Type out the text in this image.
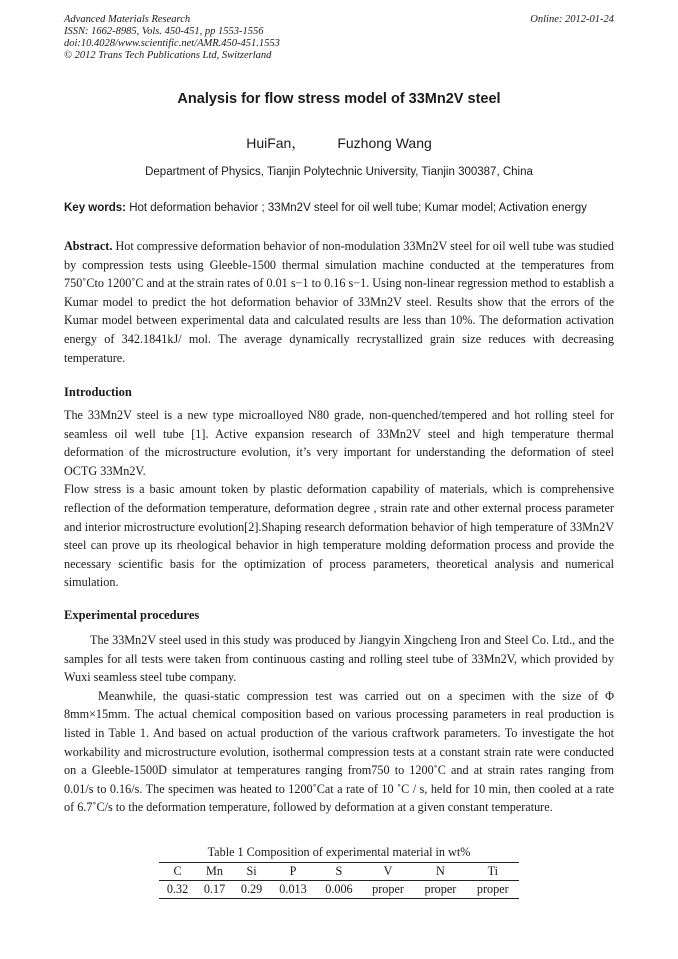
Advanced Materials Research
ISSN: 1662-8985, Vols. 450-451, pp 1553-1556
doi:10.4028/www.scientific.net/AMR.450-451.1553
© 2012 Trans Tech Publications Ltd, Switzerland
Online: 2012-01-24
Analysis for flow stress model of 33Mn2V steel
HuiFan， Fuzhong Wang
Department of Physics, Tianjin Polytechnic University, Tianjin 300387, China
Key words: Hot deformation behavior ; 33Mn2V steel for oil well tube; Kumar model; Activation energy

Abstract. Hot compressive deformation behavior of non-modulation 33Mn2V steel for oil well tube was studied by compression tests using Gleeble-1500 thermal simulation machine conducted at the temperatures from 750˚Cto 1200˚C and at the strain rates of 0.01 s−1 to 0.16 s−1. Using non-linear regression method to establish a Kumar model to predict the hot deformation behavior of 33Mn2V steel. Results show that the errors of the Kumar model between experimental data and calculated results are less than 10%. The deformation activation energy of 342.1841kJ/ mol. The average dynamically recrystallized grain size reduces with decreasing temperature.

Introduction

The 33Mn2V steel is a new type microalloyed N80 grade, non-quenched/tempered and hot rolling steel for seamless oil well tube [1]. Active expansion research of 33Mn2V steel and high temperature thermal deformation of the microstructure evolution, it’s very important for understanding the deformation of steel OCTG 33Mn2V.

Flow stress is a basic amount token by plastic deformation capability of materials, which is comprehensive reflection of the deformation temperature, deformation degree , strain rate and other external process parameter and interior microstructure evolution[2].Shaping research deformation behavior of high temperature of 33Mn2V steel can prove up its rheological behavior in high temperature molding deformation process and provide the necessary scientific basis for the optimization of process parameters, theoretical analysis and numerical simulation.

Experimental procedures

The 33Mn2V steel used in this study was produced by Jiangyin Xingcheng Iron and Steel Co. Ltd., and the samples for all tests were taken from continuous casting and rolling steel tube of 33Mn2V, which provided by Wuxi seamless steel tube company.

Meanwhile, the quasi-static compression test was carried out on a specimen with the size of Φ 8mm×15mm. The actual chemical composition based on various processing parameters in real production is listed in Table 1. And based on actual production of the various craftwork parameters. To investigate the hot workability and microstructure evolution, isothermal compression tests at a constant strain rate were conducted on a Gleeble-1500D simulator at temperatures ranging from750 to 1200˚C and at strain rates ranging from 0.01/s to 0.16/s. The specimen was heated to 1200˚Cat a rate of 10 ˚C / s, held for 10 min, then cooled at a rate of 6.7˚C/s to the deformation temperature, followed by deformation at a given constant temperature.

Table 1 Composition of experimental material in wt%
C	Mn	Si	P	S	V	N	Ti
0.32	0.17	0.29	0.013	0.006	proper	proper	proper
